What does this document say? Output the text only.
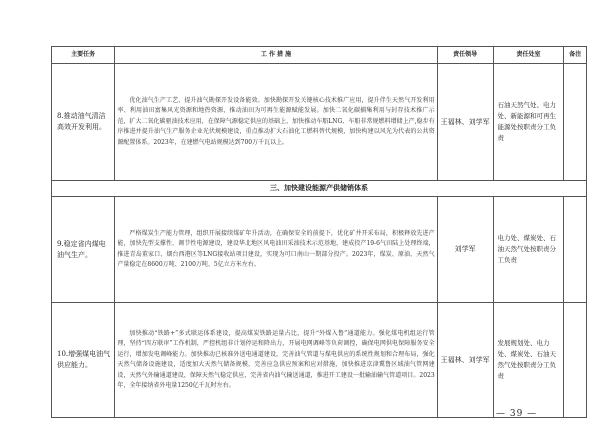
主要任务	工 作 措 施	责任领导	责任处室	备注
8.推动油气清洁高效开发利用。	优化油气生产工艺，提升油气勘探开发设备能效。加快勘探开发关键核心技术推广应用，提升伴生天然气开发利用率、利用油田富集风光资源和地热资源，推动油田为可再生能源赋能发展。加快二氧化碳捕集利用与封存技术推广示范，扩大二氧化碳驱油技术应用，在保障气源稳定供应的基础上，加快推动车船LNG、车船非常规燃料增储上产,稳步有序推进并提升油气生产服务企业光伏规模建设，重点推动扩大石油化工燃料替代规模，加快构建以风光为代表的公共资源配置体系。2023年，在建燃气电站规模达到700万千瓦以上。	王福林、刘学军	石油天然气处、电力处、新能源和可再生能源处按职责分工负责	
三、加快建设能源产供储销体系				
9.稳定省内煤电油气生产。	严格煤炭生产能力管理，组织开展接续煤矿年升活动，在确保安全的前提下，优化矿井开采布局，积极释放先进产能，加快先型支撑性、调节性电源建设，建设华北地区风电油田采油技术示范基地，建成投产19-6气田陆上处理终端，推进青岛董家口、烟台西港区等LNG接收站项目建设，实现为可口南山一期部分投产。2023年，煤炭、原油、天然气产量稳定在8600万吨、2100万吨、5亿立方米左右。	刘学军	电力处、煤炭处、石油天然气处按职责分工负责	
10.增强煤电油气供应能力。	加快推动“铁路+”多式联运体系建设，提高煤炭铁路运量占比，提升“外煤入鲁”通道能力。强化煤电机组运行管理，坚持“四方联审”工作机制，严控机组非计划停运和降出力，开展电网调峰等负荷调控，确保电网供电保障服务安全运行，增加发电调峰能力。加快推动已核准外送电通道建设，完善油气管道与煤电供应的系统性规划和合理布局，强化天然气储备设施建设，适度加大天然气储备规模，完善应急供应预案和应对措施，加快推进京津冀鲁区域油气管网建设，天然气外输通道建设，保障天然气稳定供应，完善省内油气输送通道，推进开工建设一批输油输气管道项目。2023年，全年接纳省外电量1250亿千瓦时左右。	王福林、刘学军	发展规划处、电力处、煤炭处、石油天然气处按职责分工负责	
— 39 —
